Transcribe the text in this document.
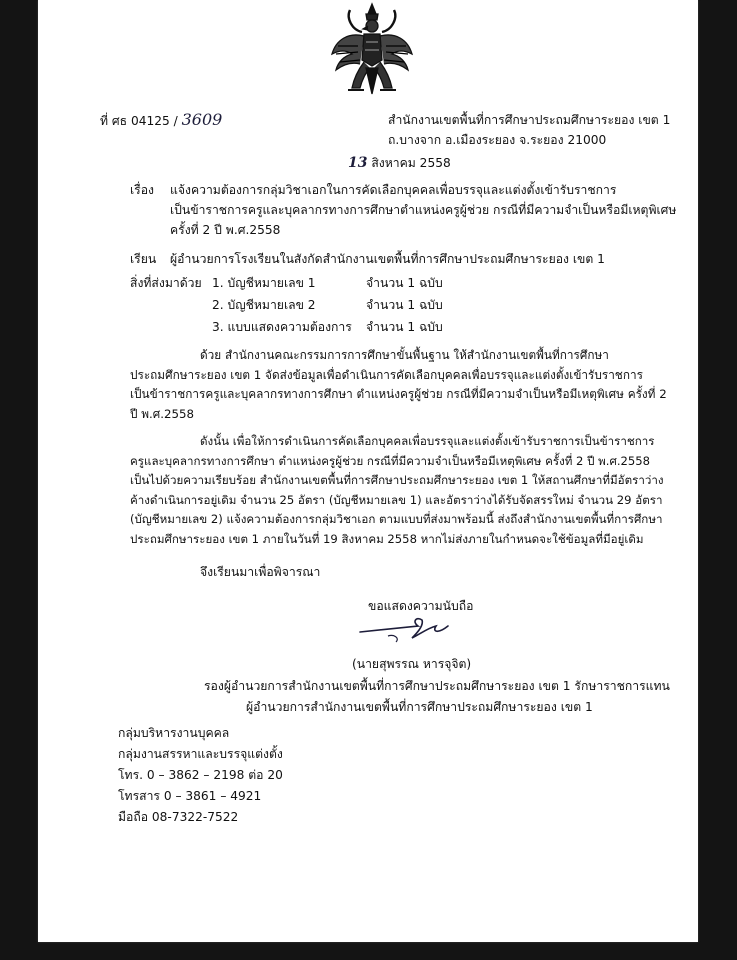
ที่ ศธ 04125 / 3609	สำนักงานเขตพื้นที่การศึกษาประถมศึกษาระยอง เขต 1
ถ.บางจาก อ.เมืองระยอง จ.ระยอง 21000
13 สิงหาคม 2558
เรื่อง แจ้งความต้องการกลุ่มวิชาเอกในการคัดเลือกบุคคลเพื่อบรรจุและแต่งตั้งเข้ารับราชการ
เป็นข้าราชการครูและบุคลากรทางการศึกษาตำแหน่งครูผู้ช่วย กรณีที่มีความจำเป็นหรือมีเหตุพิเศษ
ครั้งที่ 2 ปี พ.ศ.2558
เรียน ผู้อำนวยการโรงเรียนในสังกัดสำนักงานเขตพื้นที่การศึกษาประถมศึกษาระยอง เขต 1
สิ่งที่ส่งมาด้วย 1. บัญชีหมายเลข 1	จำนวน 1 ฉบับ
2. บัญชีหมายเลข 2	จำนวน 1 ฉบับ
3. แบบแสดงความต้องการ จำนวน 1 ฉบับ
ด้วย สำนักงานคณะกรรมการการศึกษาขั้นพื้นฐาน ให้สำนักงานเขตพื้นที่การศึกษา
ประถมศึกษาระยอง เขต 1 จัดส่งข้อมูลเพื่อดำเนินการคัดเลือกบุคคลเพื่อบรรจุและแต่งตั้งเข้ารับราชการ
เป็นข้าราชการครูและบุคลากรทางการศึกษา ตำแหน่งครูผู้ช่วย กรณีที่มีความจำเป็นหรือมีเหตุพิเศษ ครั้งที่ 2
ปี พ.ศ.2558
ดังนั้น เพื่อให้การดำเนินการคัดเลือกบุคคลเพื่อบรรจุและแต่งตั้งเข้ารับราชการเป็นข้าราชการ
ครูและบุคลากรทางการศึกษา ตำแหน่งครูผู้ช่วย กรณีที่มีความจำเป็นหรือมีเหตุพิเศษ ครั้งที่ 2 ปี พ.ศ.2558
เป็นไปด้วยความเรียบร้อย สำนักงานเขตพื้นที่การศึกษาประถมศึกษาระยอง เขต 1 ให้สถานศึกษาที่มีอัตราว่าง
ค้างดำเนินการอยู่เดิม จำนวน 25 อัตรา (บัญชีหมายเลข 1) และอัตราว่างได้รับจัดสรรใหม่ จำนวน 29 อัตรา
(บัญชีหมายเลข 2) แจ้งความต้องการกลุ่มวิชาเอก ตามแบบที่ส่งมาพร้อมนี้ ส่งถึงสำนักงานเขตพื้นที่การศึกษา
ประถมศึกษาระยอง เขต 1 ภายในวันที่ 19 สิงหาคม 2558 หากไม่ส่งภายในกำหนดจะใช้ข้อมูลที่มีอยู่เดิม
จึงเรียนมาเพื่อพิจารณา
ขอแสดงความนับถือ
(นายสุพรรณ หารจุจิต)
รองผู้อำนวยการสำนักงานเขตพื้นที่การศึกษาประถมศึกษาระยอง เขต 1 รักษาราชการแทน
ผู้อำนวยการสำนักงานเขตพื้นที่การศึกษาประถมศึกษาระยอง เขต 1
กลุ่มบริหารงานบุคคล
กลุ่มงานสรรหาและบรรจุแต่งตั้ง
โทร. 0 – 3862 – 2198 ต่อ 20
โทรสาร 0 – 3861 – 4921
มือถือ 08-7322-7522
